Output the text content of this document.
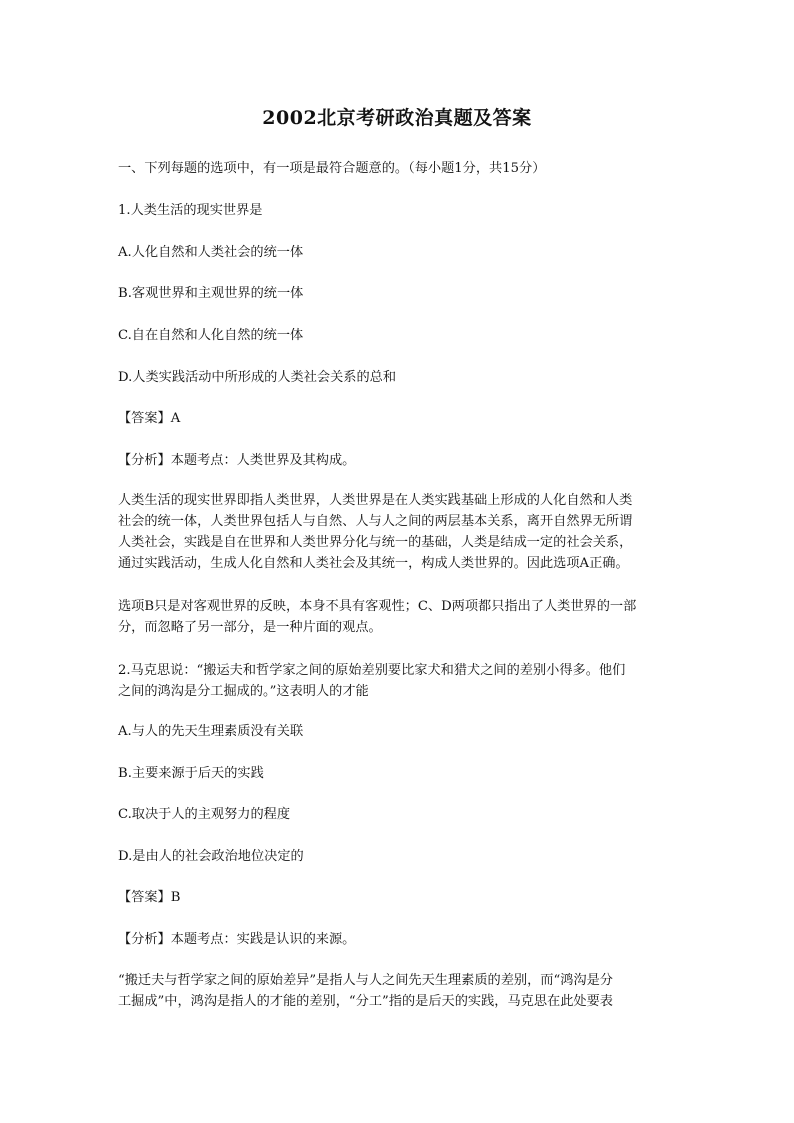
2002北京考研政治真题及答案
一、下列每题的选项中，有一项是最符合题意的。（每小题1分，共15分）
1.人类生活的现实世界是
A.人化自然和人类社会的统一体
B.客观世界和主观世界的统一体
C.自在自然和人化自然的统一体
D.人类实践活动中所形成的人类社会关系的总和
【答案】A
【分析】本题考点：人类世界及其构成。
人类生活的现实世界即指人类世界，人类世界是在人类实践基础上形成的人化自然和人类
社会的统一体，人类世界包括人与自然、人与人之间的两层基本关系，离开自然界无所谓
人类社会，实践是自在世界和人类世界分化与统一的基础，人类是结成一定的社会关系，
通过实践活动，生成人化自然和人类社会及其统一，构成人类世界的。因此选项A正确。
选项B只是对客观世界的反映，本身不具有客观性；C、D两项都只指出了人类世界的一部
分，而忽略了另一部分，是一种片面的观点。
2.马克思说：“搬运夫和哲学家之间的原始差别要比家犬和猎犬之间的差别小得多。他们
之间的鸿沟是分工掘成的。”这表明人的才能
A.与人的先天生理素质没有关联
B.主要来源于后天的实践
C.取决于人的主观努力的程度
D.是由人的社会政治地位决定的
【答案】B
【分析】本题考点：实践是认识的来源。
“搬迁夫与哲学家之间的原始差异”是指人与人之间先天生理素质的差别，而“鸿沟是分
工掘成”中，鸿沟是指人的才能的差别，“分工”指的是后天的实践，马克思在此处要表
